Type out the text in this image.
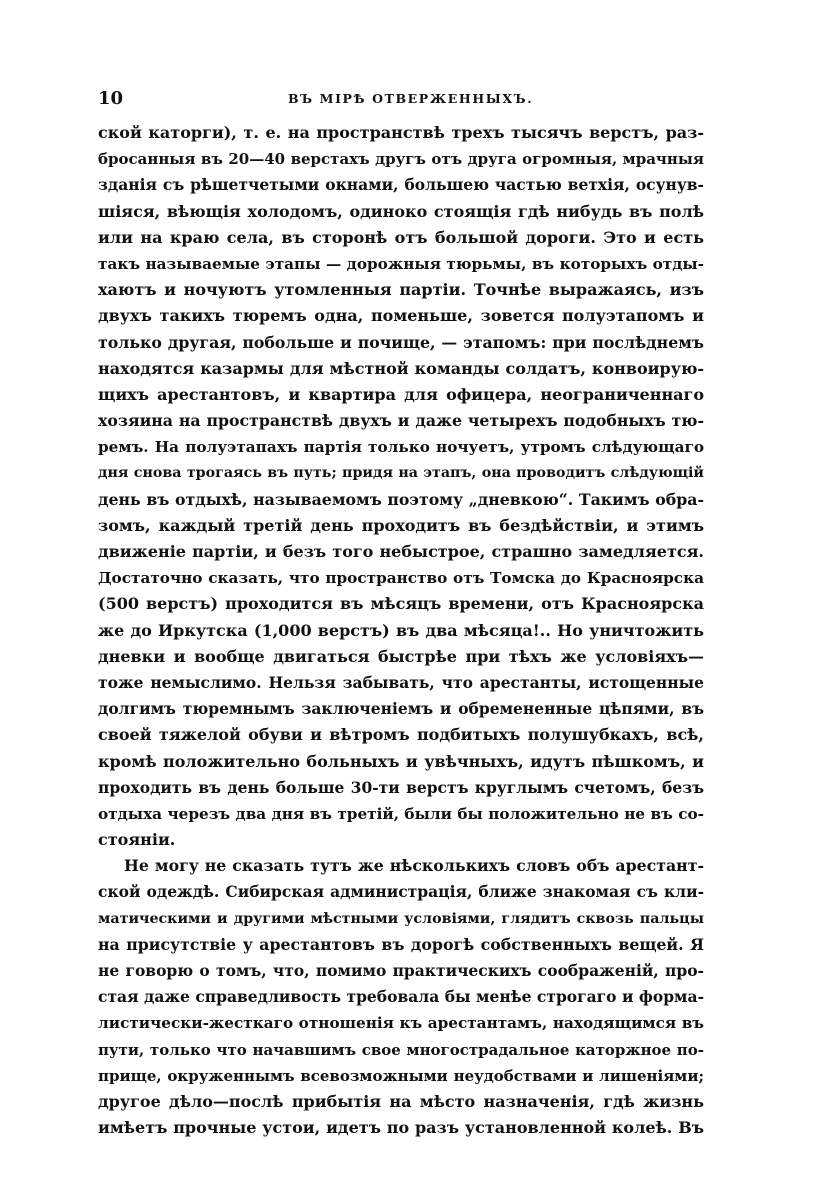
10	ВЪ МІРѢ ОТВЕРЖЕННЫХЪ.
ской каторги), т. е. на пространствѣ трехъ тысячъ верстъ, раз-
бросанныя въ 20—40 верстахъ другъ отъ друга огромныя, мрачныя
зданія съ рѣшетчетыми окнами, большею частью ветхія, осунув-
шіяся, вѣющія холодомъ, одиноко стоящія гдѣ нибудь въ полѣ
или на краю села, въ сторонѣ отъ большой дороги. Это и есть
такъ называемые этапы — дорожныя тюрьмы, въ которыхъ отды-
хаютъ и ночуютъ утомленныя партіи. Точнѣе выражаясь, изъ
двухъ такихъ тюремъ одна, поменьше, зовется полуэтапомъ и
только другая, побольше и почище, — этапомъ: при послѣднемъ
находятся казармы для мѣстной команды солдатъ, конвоирую-
щихъ арестантовъ, и квартира для офицера, неограниченнаго
хозяина на пространствѣ двухъ и даже четырехъ подобныхъ тю-
ремъ. На полуэтапахъ партія только ночуетъ, утромъ слѣдующаго
дня снова трогаясь въ путь; придя на этапъ, она проводитъ слѣдующій
день въ отдыхѣ, называемомъ поэтому „дневкою“. Такимъ обра-
зомъ, каждый третій день проходитъ въ бездѣйствіи, и этимъ
движеніе партіи, и безъ того небыстрое, страшно замедляется.
Достаточно сказать, что пространство отъ Томска до Красноярска
(500 верстъ) проходится въ мѣсяцъ времени, отъ Красноярска
же до Иркутска (1,000 верстъ) въ два мѣсяца!.. Но уничтожить
дневки и вообще двигаться быстрѣе при тѣхъ же условіяхъ—
тоже немыслимо. Нельзя забывать, что арестанты, истощенные
долгимъ тюремнымъ заключеніемъ и обремененные цѣпями, въ
своей тяжелой обуви и вѣтромъ подбитыхъ полушубкахъ, всѣ,
кромѣ положительно больныхъ и увѣчныхъ, идутъ пѣшкомъ, и
проходить въ день больше 30-ти верстъ круглымъ счетомъ, безъ
отдыха черезъ два дня въ третій, были бы положительно не въ со-
стояніи.
Не могу не сказать тутъ же нѣсколькихъ словъ объ арестант-
ской одеждѣ. Сибирская администрація, ближе знакомая съ кли-
матическими и другими мѣстными условіями, глядитъ сквозь пальцы
на присутствіе у арестантовъ въ дорогѣ собственныхъ вещей. Я
не говорю о томъ, что, помимо практическихъ соображеній, про-
стая даже справедливость требовала бы менѣе строгаго и форма-
листически-жесткаго отношенія къ арестантамъ, находящимся въ
пути, только что начавшимъ свое многострадальное каторжное по-
прище, окруженнымъ всевозможными неудобствами и лишеніями;
другое дѣло—послѣ прибытія на мѣсто назначенія, гдѣ жизнь
имѣетъ прочные устои, идетъ по разъ установленной колеѣ. Въ
